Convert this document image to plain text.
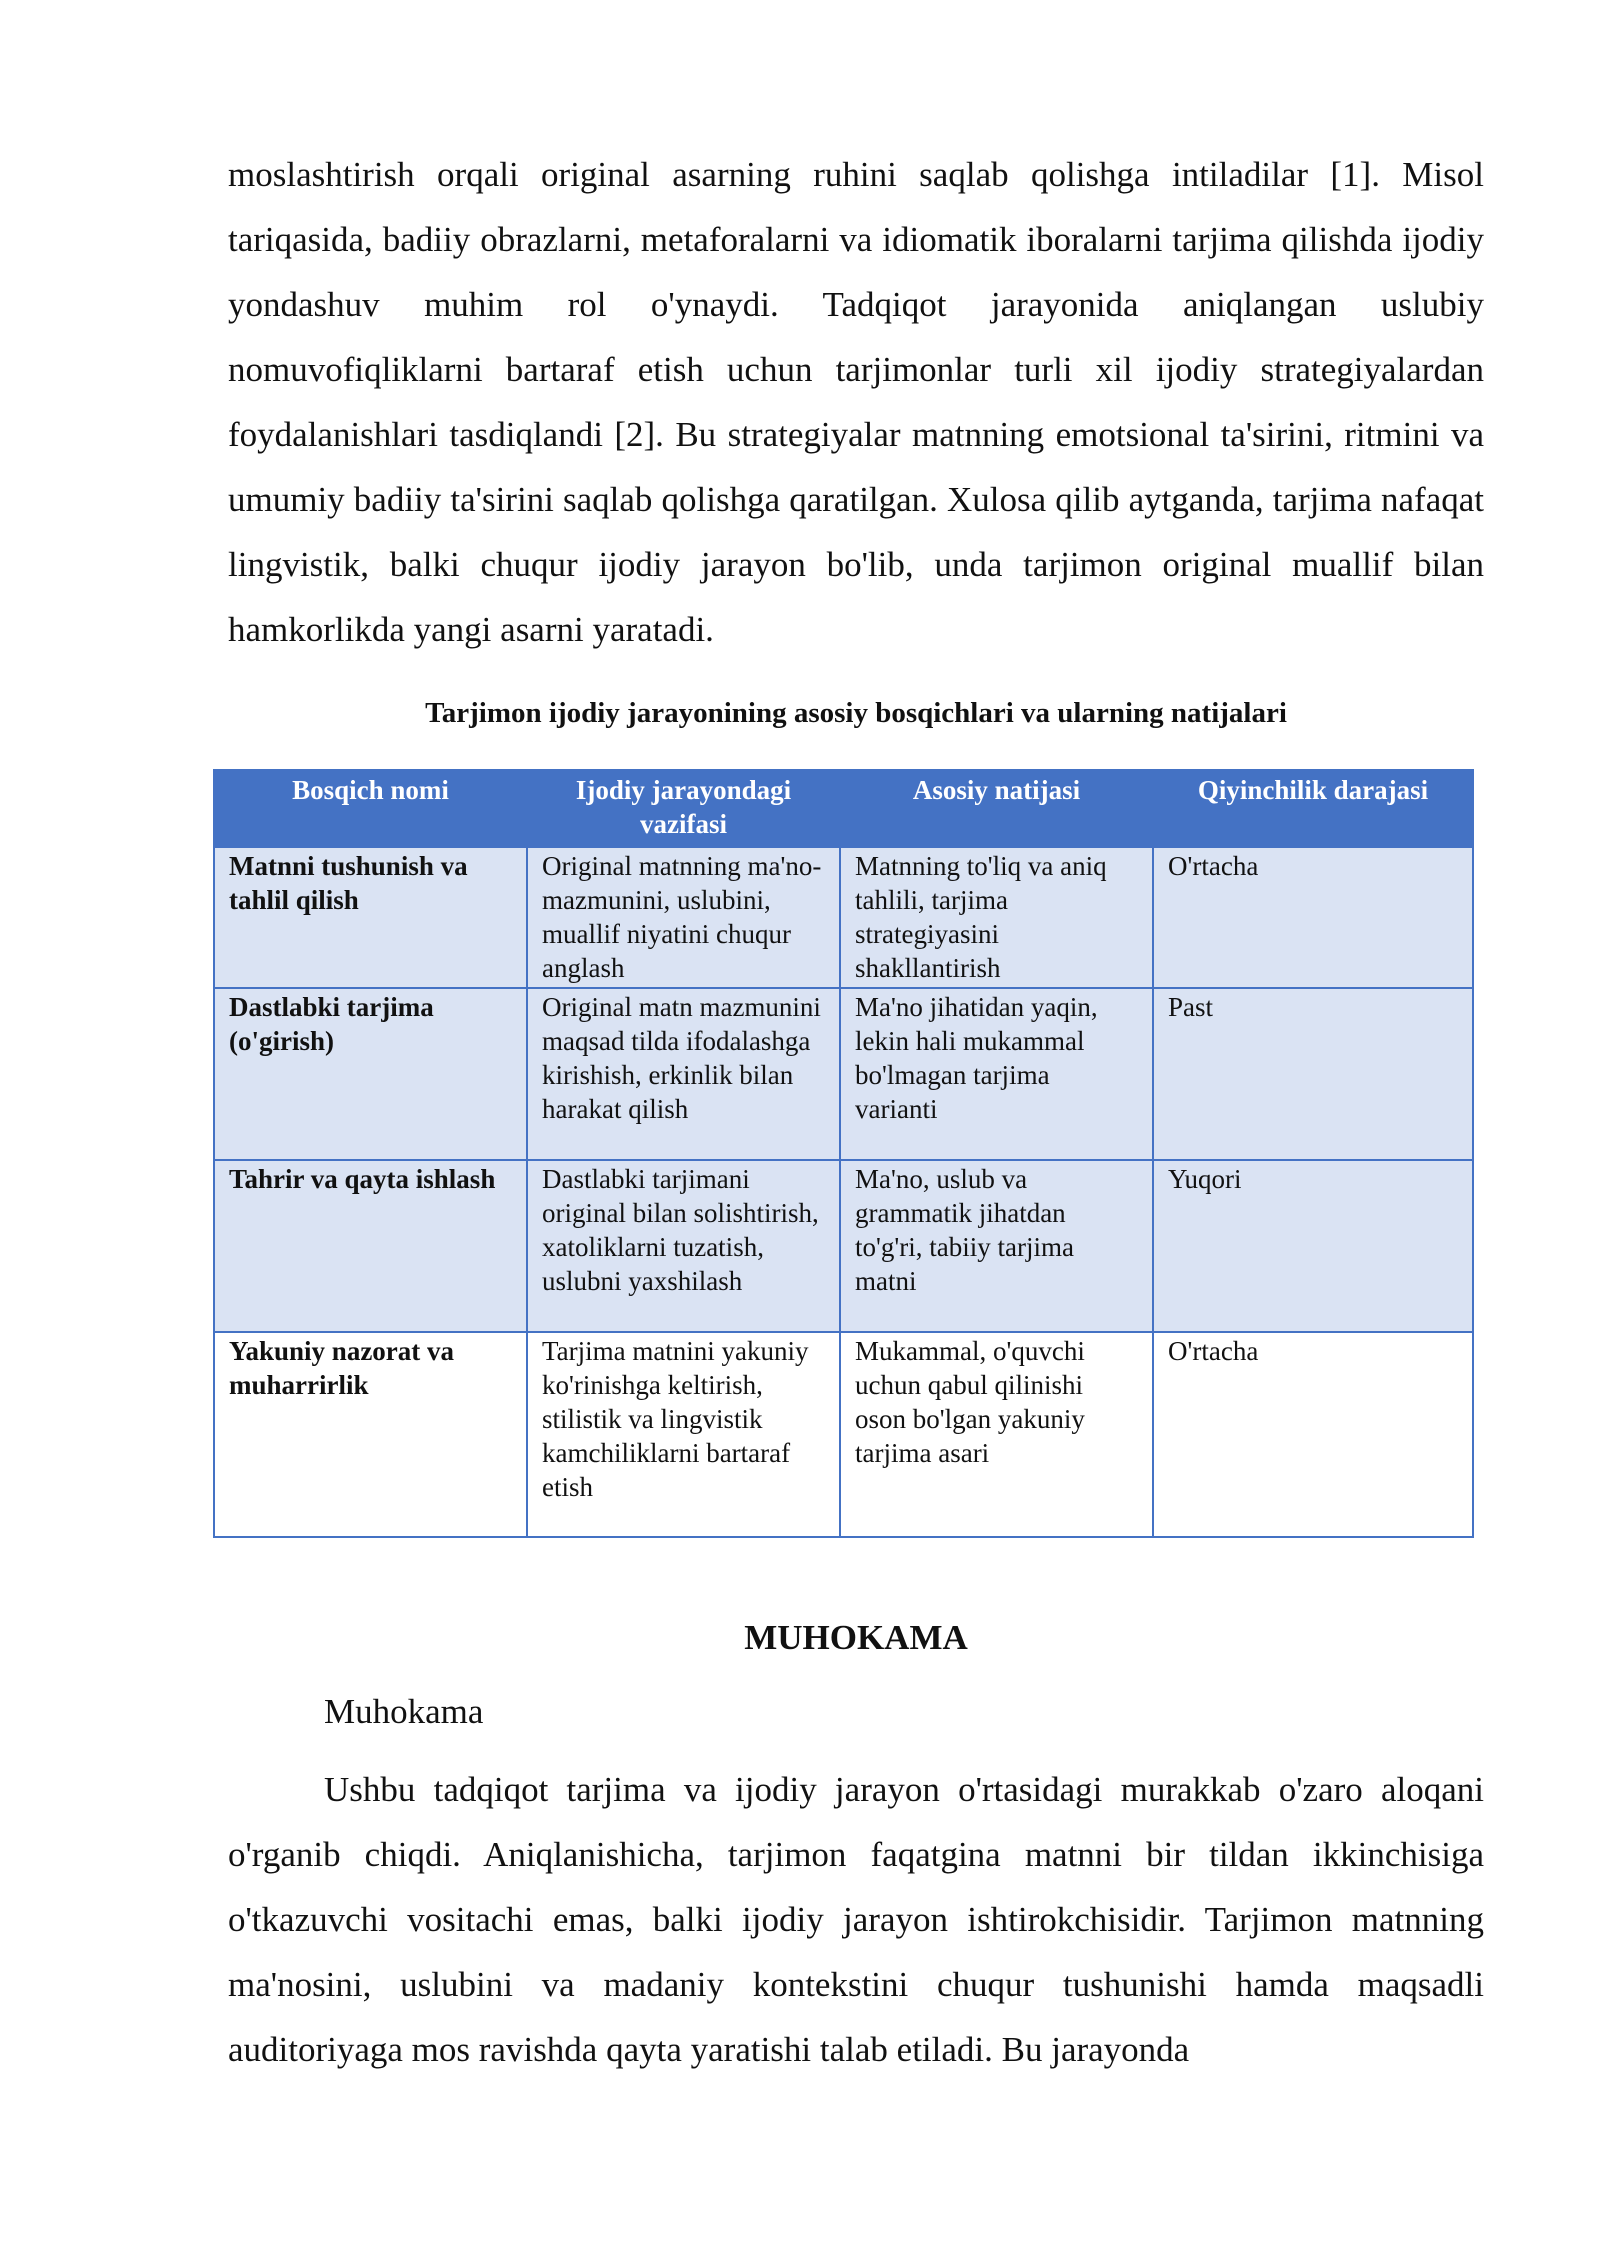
moslashtirish orqali original asarning ruhini saqlab qolishga intiladilar [1]. Misol tariqasida, badiiy obrazlarni, metaforalarni va idiomatik iboralarni tarjima qilishda ijodiy yondashuv muhim rol o'ynaydi. Tadqiqot jarayonida aniqlangan uslubiy nomuvofiqliklarni bartaraf etish uchun tarjimonlar turli xil ijodiy strategiyalardan foydalanishlari tasdiqlandi [2]. Bu strategiyalar matnning emotsional ta'sirini, ritmini va umumiy badiiy ta'sirini saqlab qolishga qaratilgan. Xulosa qilib aytganda, tarjima nafaqat lingvistik, balki chuqur ijodiy jarayon bo'lib, unda tarjimon original muallif bilan hamkorlikda yangi asarni yaratadi.

Tarjimon ijodiy jarayonining asosiy bosqichlari va ularning natijalari

Bosqich nomi	Ijodiy jarayondagi vazifasi	Asosiy natijasi	Qiyinchilik darajasi
Matnni tushunish va tahlil qilish	Original matnning ma'no-mazmunini, uslubini, muallif niyatini chuqur anglash	Matnning to'liq va aniq tahlili, tarjima strategiyasini shakllantirish	O'rtacha
Dastlabki tarjima (o'girish)	Original matn mazmunini maqsad tilda ifodalashga kirishish, erkinlik bilan harakat qilish	Ma'no jihatidan yaqin, lekin hali mukammal bo'lmagan tarjima varianti	Past
Tahrir va qayta ishlash	Dastlabki tarjimani original bilan solishtirish, xatoliklarni tuzatish, uslubni yaxshilash	Ma'no, uslub va grammatik jihatdan to'g'ri, tabiiy tarjima matni	Yuqori
Yakuniy nazorat va muharrirlik	Tarjima matnini yakuniy ko'rinishga keltirish, stilistik va lingvistik kamchiliklarni bartaraf etish	Mukammal, o'quvchi uchun qabul qilinishi oson bo'lgan yakuniy tarjima asari	O'rtacha
MUHOKAMA

Muhokama

Ushbu tadqiqot tarjima va ijodiy jarayon o'rtasidagi murakkab o'zaro aloqani o'rganib chiqdi. Aniqlanishicha, tarjimon faqatgina matnni bir tildan ikkinchisiga o'tkazuvchi vositachi emas, balki ijodiy jarayon ishtirokchisidir. Tarjimon matnning ma'nosini, uslubini va madaniy kontekstini chuqur tushunishi hamda maqsadli auditoriyaga mos ravishda qayta yaratishi talab etiladi. Bu jarayonda
